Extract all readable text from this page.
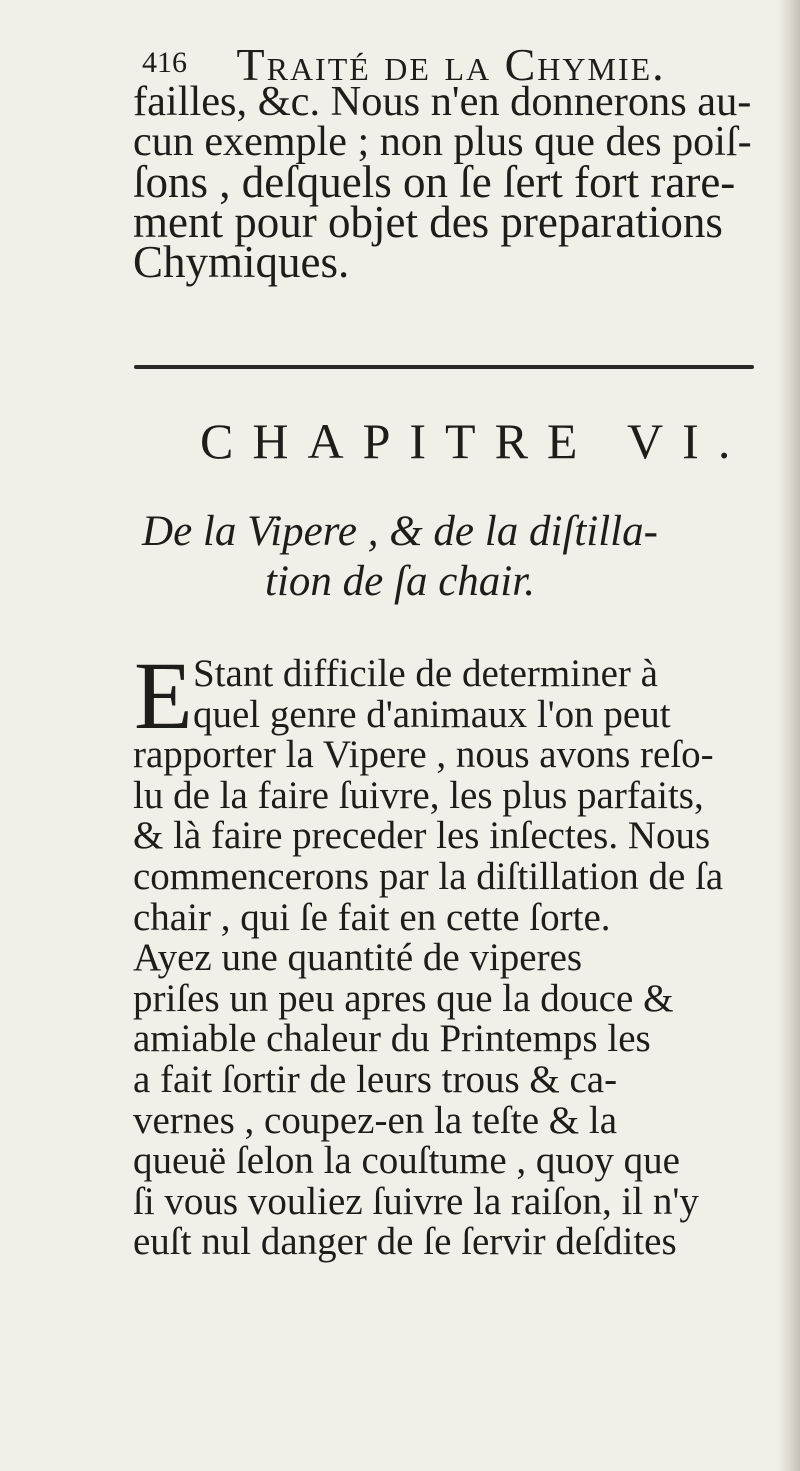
416 Traité de la Chymie.

failles, &c. Nous n'en donnerons au-
cun exemple ; non plus que des poiſ-
ſons , deſquels on ſe ſert fort rare-
ment pour objet des preparations
Chymiques.

CHAPITRE VI.

De la Vipere , & de la diſtilla-
tion de ſa chair.

E Stant difficile de determiner à
quel genre d'animaux l'on peut
rapporter la Vipere , nous avons reſo-
lu de la faire ſuivre, les plus parfaits,
& là faire preceder les inſectes. Nous
commencerons par la diſtillation de ſa
chair , qui ſe fait en cette ſorte.
Ayez une quantité de viperes
priſes un peu apres que la douce &
amiable chaleur du Printemps les
a fait ſortir de leurs trous & ca-
vernes , coupez-en la teſte & la
queuë ſelon la couſtume , quoy que
ſi vous vouliez ſuivre la raiſon, il n'y
euſt nul danger de ſe ſervir deſdites
